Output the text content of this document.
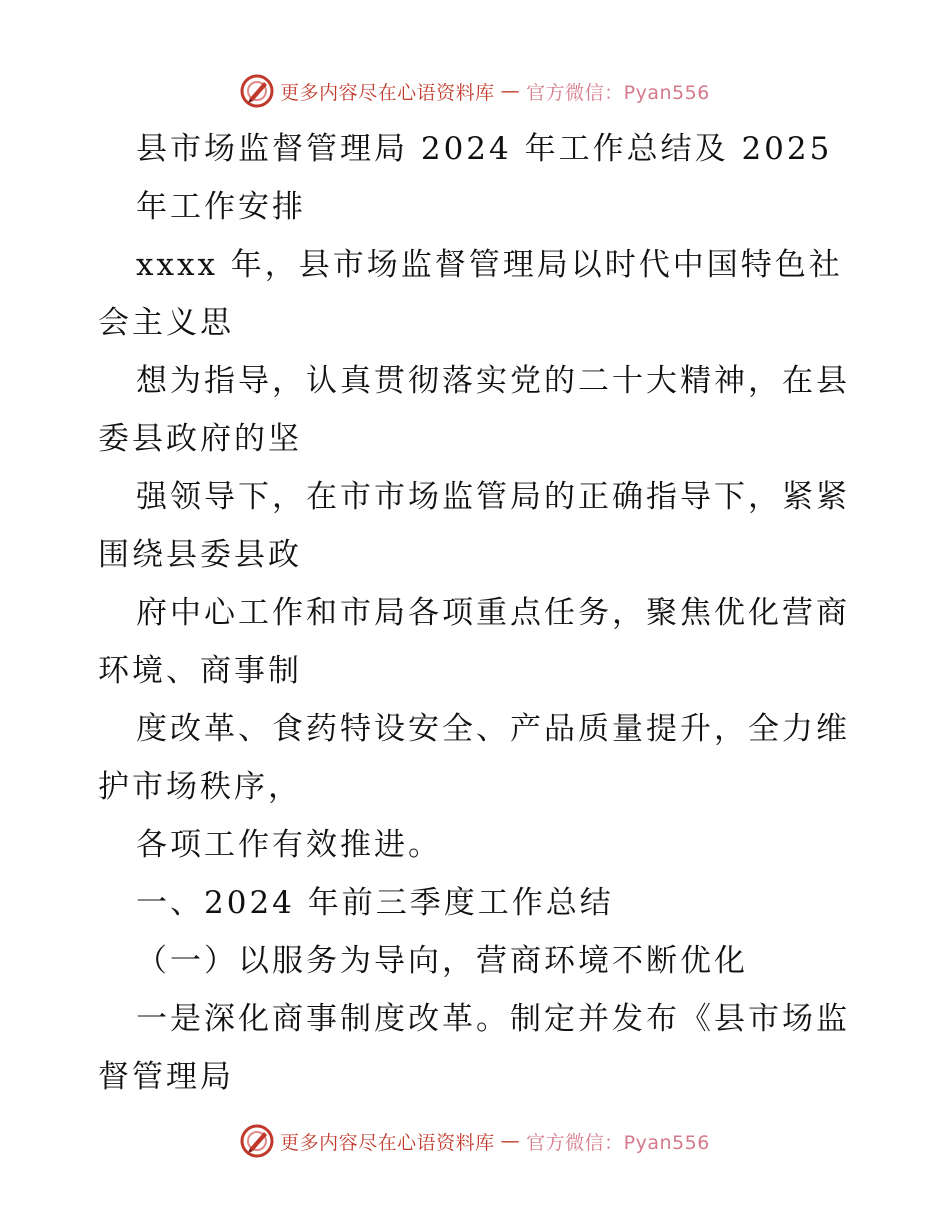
更多内容尽在心语资料库 — 官方微信：Pyan556
县市场监督管理局 2024 年工作总结及 2025
年工作安排
xxxx 年，县市场监督管理局以时代中国特色社
会主义思
想为指导，认真贯彻落实党的二十大精神，在县
委县政府的坚
强领导下，在市市场监管局的正确指导下，紧紧
围绕县委县政
府中心工作和市局各项重点任务，聚焦优化营商
环境、商事制
度改革、食药特设安全、产品质量提升，全力维
护市场秩序，
各项工作有效推进。
一、2024 年前三季度工作总结
（一）以服务为导向，营商环境不断优化
一是深化商事制度改革。制定并发布《县市场监
督管理局
更多内容尽在心语资料库 — 官方微信：Pyan556
